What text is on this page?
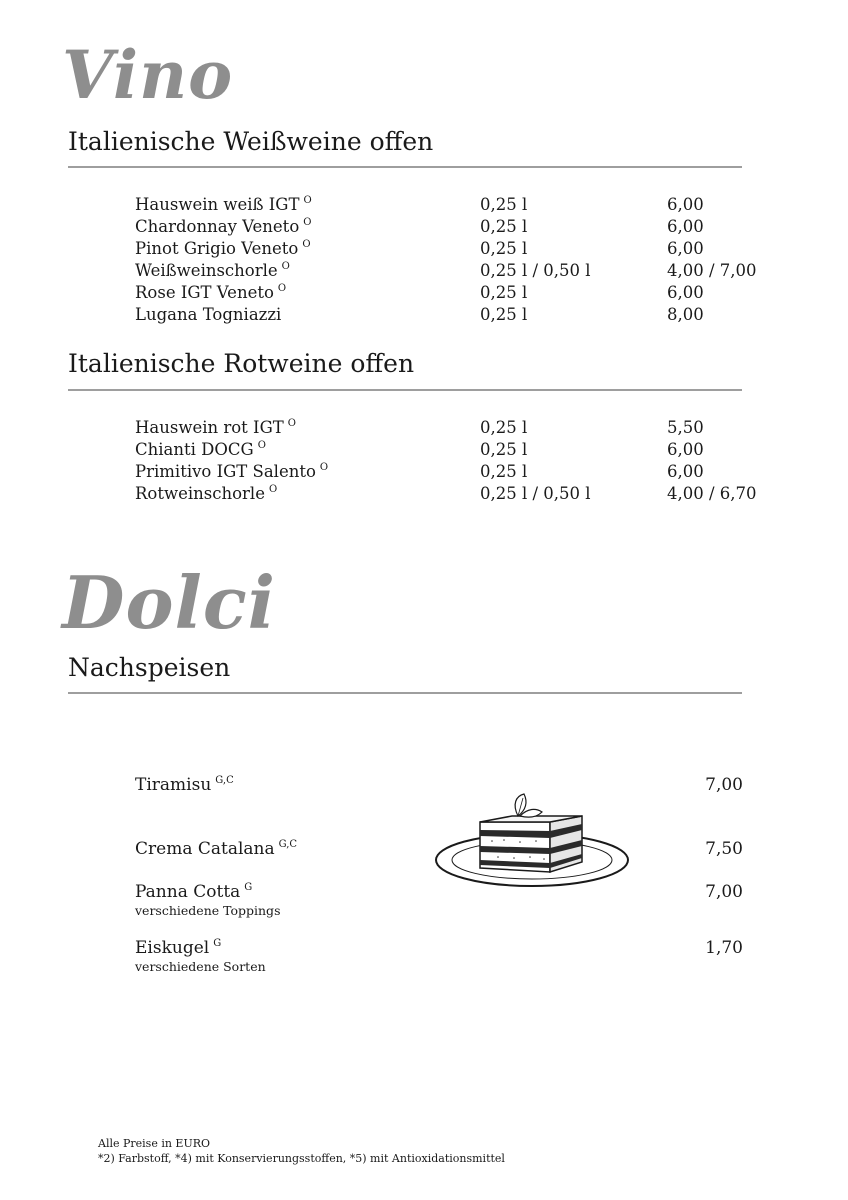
Vino
Italienische Weißweine offen
Hauswein weiß IGT $^O$	0,25 l	6,00
Chardonnay Veneto $^O$	0,25 l	6,00
Pinot Grigio Veneto $^O$	0,25 l	6,00
Weißweinschorle $^O$	0,25 l / 0,50 l	4,00 / 7,00
Rose IGT Veneto $^O$	0,25 l	6,00
Lugana Togniazzi	0,25 l	8,00
Italienische Rotweine offen
Hauswein rot IGT $^O$	0,25 l	5,50
Chianti DOCG $^O$	0,25 l	6,00
Primitivo IGT Salento $^O$	0,25 l	6,00
Rotweinschorle $^O$	0,25 l / 0,50 l	4,00 / 6,70
Dolci
Nachspeisen
Tiramisu $^{G,C}$	7,00
Crema Catalana $^{G,C}$	7,50
Panna Cotta $^G$	7,00
verschiedene Toppings
Eiskugel $^G$	1,70
verschiedene Sorten
Alle Preise in EURO
*2) Farbstoff, *4) mit Konservierungsstoffen, *5) mit Antioxidationsmittel
